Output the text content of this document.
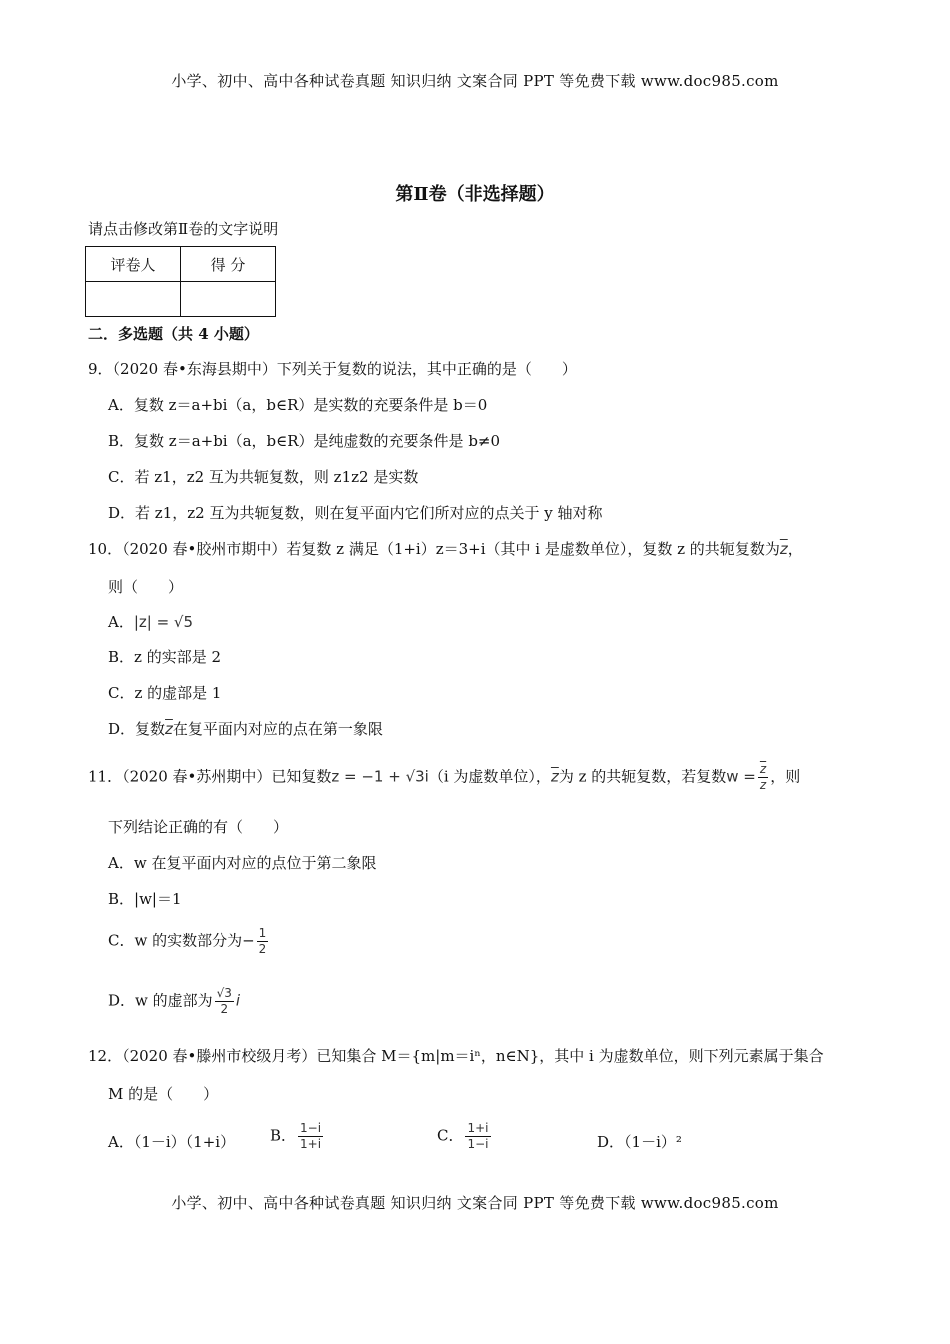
小学、初中、高中各种试卷真题 知识归纳 文案合同 PPT 等免费下载 www.doc985.com
第Ⅱ卷（非选择题）
请点击修改第Ⅱ卷的文字说明
评卷人	得 分

二．多选题（共 4 小题）
9．（2020 春•东海县期中）下列关于复数的说法，其中正确的是（　　）
A．复数 z＝a+bi（a，b∈R）是实数的充要条件是 b＝0
B．复数 z＝a+bi（a，b∈R）是纯虚数的充要条件是 b≠0
C．若 z1，z2 互为共轭复数，则 z1z2 是实数
D．若 z1，z2 互为共轭复数，则在复平面内它们所对应的点关于 y 轴对称
10．（2020 春•胶州市期中）若复数 z 满足（1+i）z＝3+i（其中 i 是虚数单位），复数 z 的共轭复数为$\overline{z}$，
则（　　）
A．|z| = √5
B．z 的实部是 2
C．z 的虚部是 1
D．复数$\overline{z}$在复平面内对应的点在第一象限
11．（2020 春•苏州期中）已知复数z = −1 + √3i（i 为虚数单位），$\overline{z}$为 z 的共轭复数，若复数$w = \frac{\overline{z}}{z}$ ，则
下列结论正确的有（　　）
A．w 在复平面内对应的点位于第二象限
B．|w|＝1
C．w 的实数部分为− $\frac{1}{2}$
D．w 的虚部为 $\frac{√3}{2}$ i
12．（2020 春•滕州市校级月考）已知集合 M＝{m|m＝iⁿ，n∈N}，其中 i 为虚数单位，则下列元素属于集合
M 的是（　　）
A．（1－i）（1+i） B． $\frac{1-i}{1+i}$	C． $\frac{1+i}{1-i}$	D．（1－i）²
小学、初中、高中各种试卷真题 知识归纳 文案合同 PPT 等免费下载 www.doc985.com
